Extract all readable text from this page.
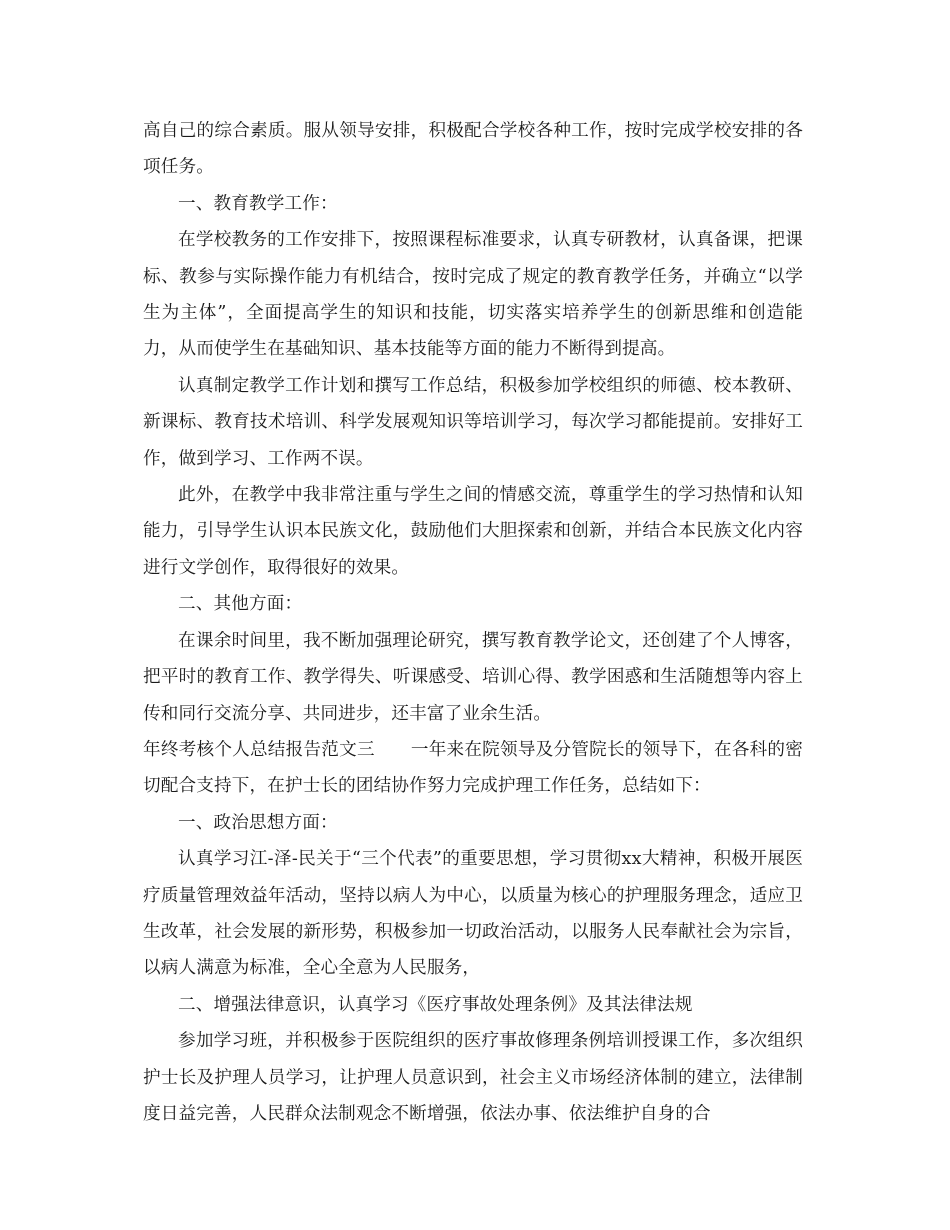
高自己的综合素质。服从领导安排，积极配合学校各种工作，按时完成学校安排的各项任务。

一、教育教学工作：

在学校教务的工作安排下，按照课程标准要求，认真专研教材，认真备课，把课标、教参与实际操作能力有机结合，按时完成了规定的教育教学任务，并确立“以学生为主体”，全面提高学生的知识和技能，切实落实培养学生的创新思维和创造能力，从而使学生在基础知识、基本技能等方面的能力不断得到提高。

认真制定教学工作计划和撰写工作总结，积极参加学校组织的师德、校本教研、新课标、教育技术培训、科学发展观知识等培训学习，每次学习都能提前。安排好工作，做到学习、工作两不误。

此外，在教学中我非常注重与学生之间的情感交流，尊重学生的学习热情和认知能力，引导学生认识本民族文化，鼓励他们大胆探索和创新，并结合本民族文化内容进行文学创作，取得很好的效果。

二、其他方面：

在课余时间里，我不断加强理论研究，撰写教育教学论文，还创建了个人博客，把平时的教育工作、教学得失、听课感受、培训心得、教学困惑和生活随想等内容上传和同行交流分享、共同进步，还丰富了业余生活。

年终考核个人总结报告范文三 一年来在院领导及分管院长的领导下，在各科的密切配合支持下，在护士长的团结协作努力完成护理工作任务，总结如下：

一、政治思想方面：

认真学习江-泽-民关于“三个代表”的重要思想，学习贯彻xx大精神，积极开展医疗质量管理效益年活动，坚持以病人为中心，以质量为核心的护理服务理念，适应卫生改革，社会发展的新形势，积极参加一切政治活动，以服务人民奉献社会为宗旨，以病人满意为标准，全心全意为人民服务，

二、增强法律意识，认真学习《医疗事故处理条例》及其法律法规

参加学习班，并积极参于医院组织的医疗事故修理条例培训授课工作，多次组织护士长及护理人员学习，让护理人员意识到，社会主义市场经济体制的建立，法律制度日益完善，人民群众法制观念不断增强，依法办事、依法维护自身的合
